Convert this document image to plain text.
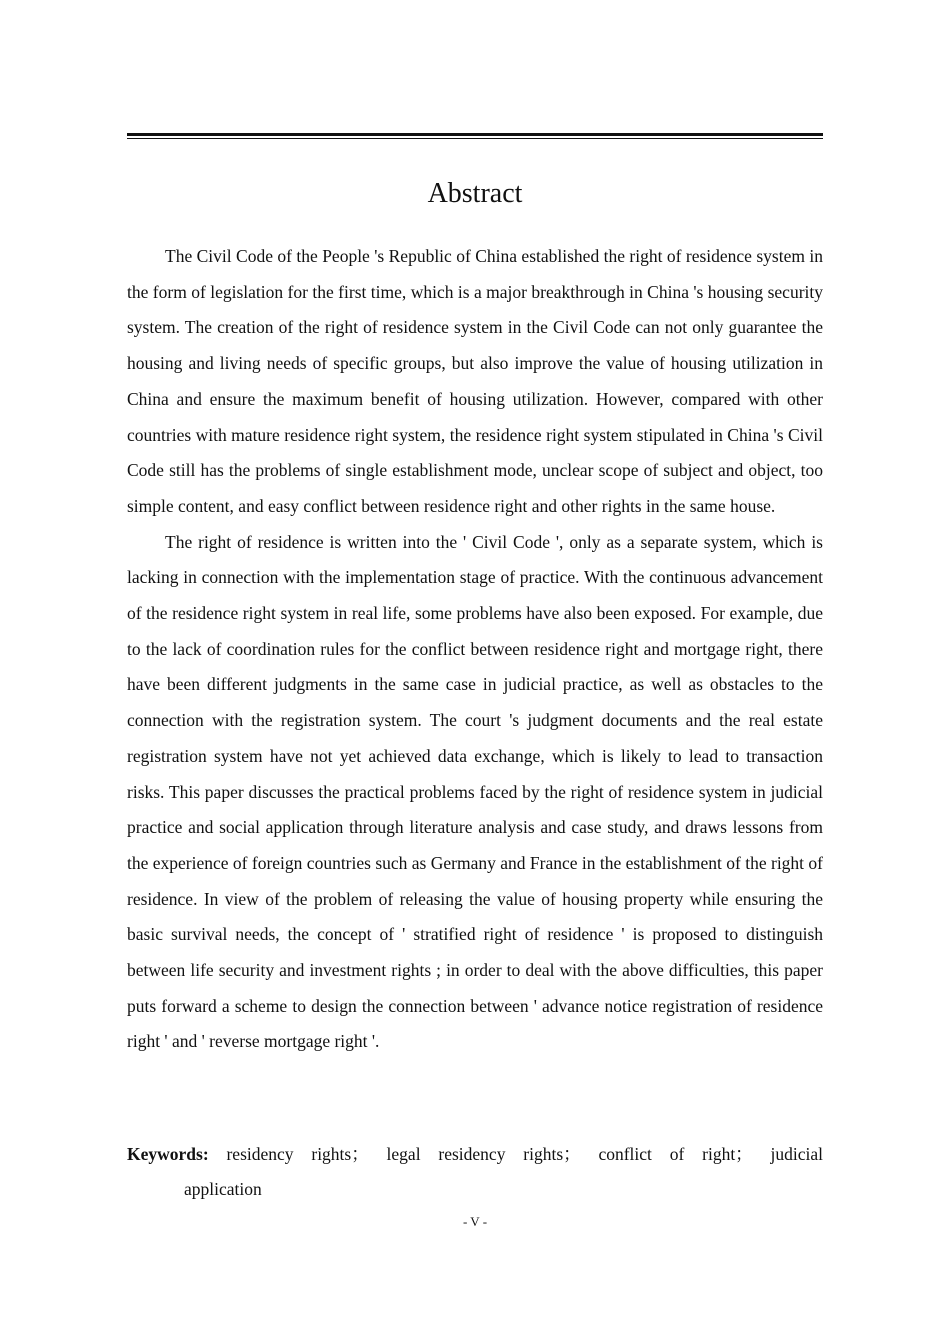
Abstract

The Civil Code of the People 's Republic of China established the right of residence system in the form of legislation for the first time, which is a major breakthrough in China 's housing security system. The creation of the right of residence system in the Civil Code can not only guarantee the housing and living needs of specific groups, but also improve the value of housing utilization in China and ensure the maximum benefit of housing utilization. However, compared with other countries with mature residence right system, the residence right system stipulated in China 's Civil Code still has the problems of single establishment mode, unclear scope of subject and object, too simple content, and easy conflict between residence right and other rights in the same house.

The right of residence is written into the ' Civil Code ', only as a separate system, which is lacking in connection with the implementation stage of practice. With the continuous advancement of the residence right system in real life, some problems have also been exposed. For example, due to the lack of coordination rules for the conflict between residence right and mortgage right, there have been different judgments in the same case in judicial practice, as well as obstacles to the connection with the registration system. The court 's judgment documents and the real estate registration system have not yet achieved data exchange, which is likely to lead to transaction risks. This paper discusses the practical problems faced by the right of residence system in judicial practice and social application through literature analysis and case study, and draws lessons from the experience of foreign countries such as Germany and France in the establishment of the right of residence. In view of the problem of releasing the value of housing property while ensuring the basic survival needs, the concept of ' stratified right of residence ' is proposed to distinguish between life security and investment rights ; in order to deal with the above difficulties, this paper puts forward a scheme to design the connection between ' advance notice registration of residence right ' and ' reverse mortgage right '.

Keywords: residency rights； legal residency rights； conflict of right； judicial application
- V -
